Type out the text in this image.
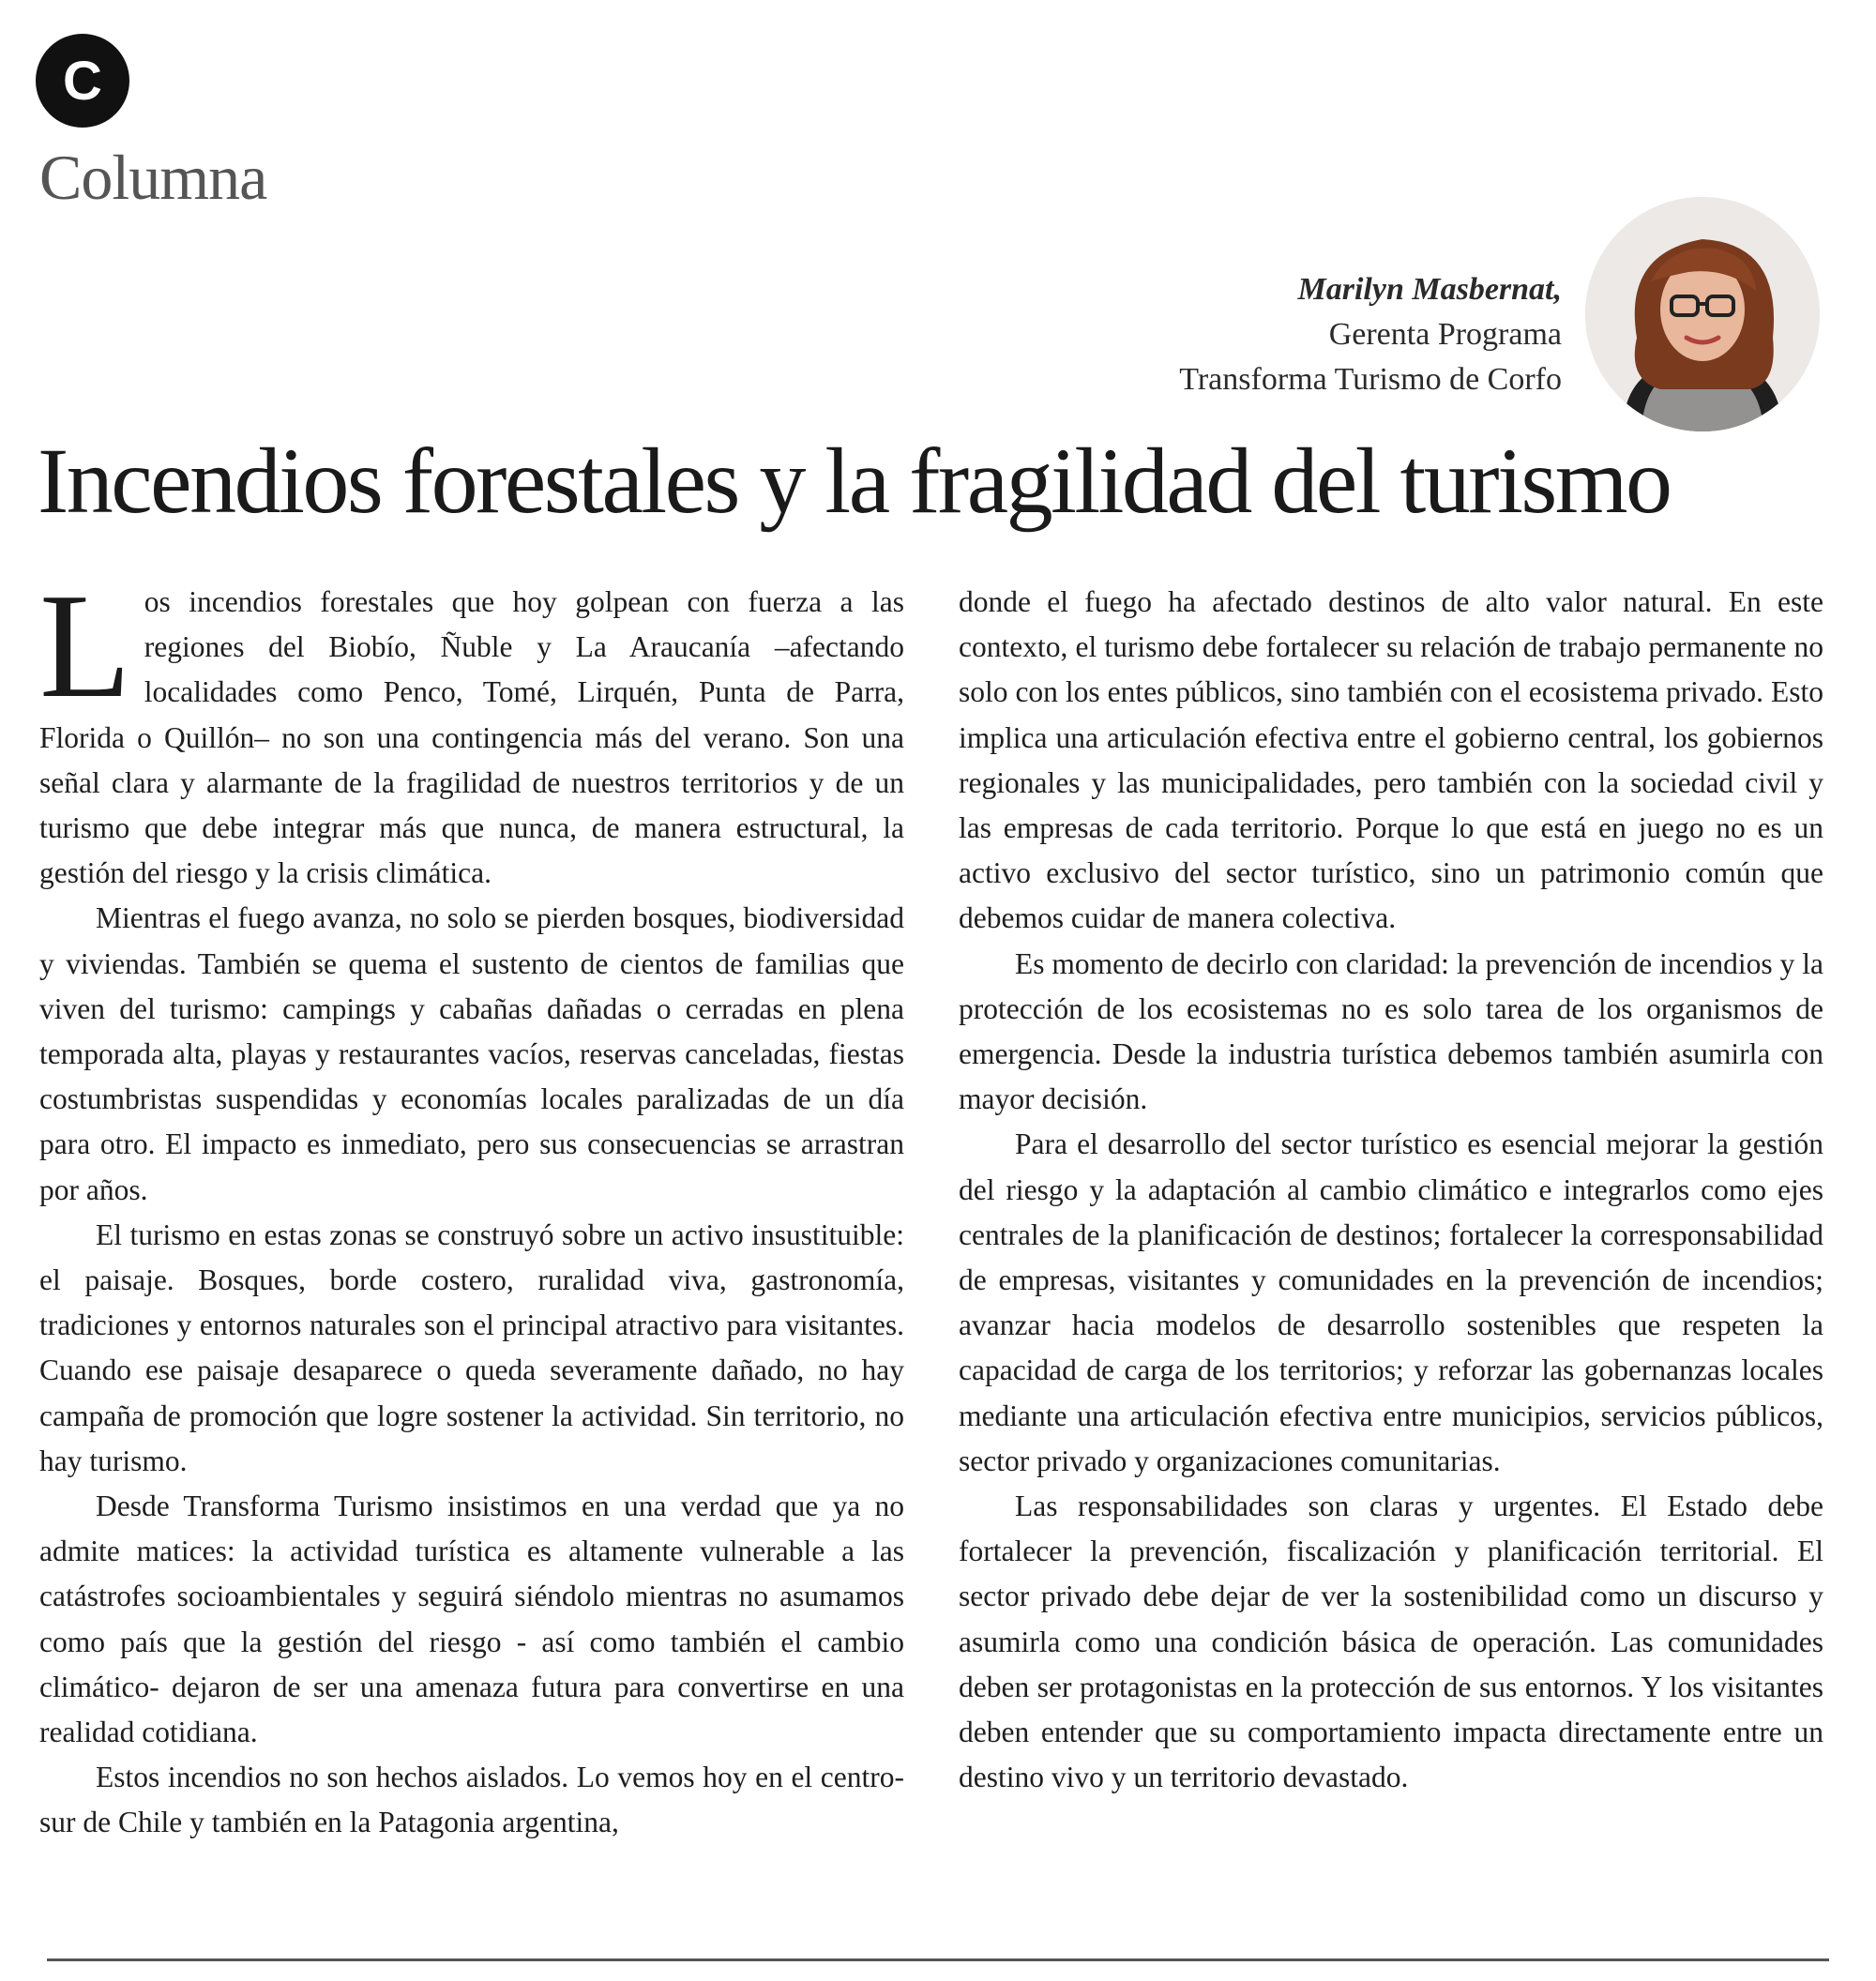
C
Columna
Marilyn Masbernat,
Gerenta Programa
Transforma Turismo de Corfo
Incendios forestales y la fragilidad del turismo

Los incendios forestales que hoy golpean con fuerza a las regiones del Biobío, Ñuble y La Araucanía –afectando localidades como Penco, Tomé, Lirquén, Punta de Parra, Florida o Quillón– no son una contingencia más del verano. Son una señal clara y alarmante de la fragilidad de nuestros territorios y de un turismo que debe integrar más que nunca, de manera estructural, la gestión del riesgo y la crisis climática.

Mientras el fuego avanza, no solo se pierden bosques, biodiversidad y viviendas. También se quema el sustento de cientos de familias que viven del turismo: campings y cabañas dañadas o cerradas en plena temporada alta, playas y restaurantes vacíos, reservas canceladas, fiestas costumbristas suspendidas y economías locales paralizadas de un día para otro. El impacto es inmediato, pero sus consecuencias se arrastran por años.

El turismo en estas zonas se construyó sobre un activo insustituible: el paisaje. Bosques, borde costero, ruralidad viva, gastronomía, tradiciones y entornos naturales son el principal atractivo para visitantes. Cuando ese paisaje desaparece o queda severamente dañado, no hay campaña de promoción que logre sostener la actividad. Sin territorio, no hay turismo.

Desde Transforma Turismo insistimos en una verdad que ya no admite matices: la actividad turística es altamente vulnerable a las catástrofes socioambientales y seguirá siéndolo mientras no asumamos como país que la gestión del riesgo - así como también el cambio climático- dejaron de ser una amenaza futura para convertirse en una realidad cotidiana.

Estos incendios no son hechos aislados. Lo vemos hoy en el centro-sur de Chile y también en la Patagonia argentina,

donde el fuego ha afectado destinos de alto valor natural. En este contexto, el turismo debe fortalecer su relación de trabajo permanente no solo con los entes públicos, sino también con el ecosistema privado. Esto implica una articulación efectiva entre el gobierno central, los gobiernos regionales y las municipalidades, pero también con la sociedad civil y las empresas de cada territorio. Porque lo que está en juego no es un activo exclusivo del sector turístico, sino un patrimonio común que debemos cuidar de manera colectiva.

Es momento de decirlo con claridad: la prevención de incendios y la protección de los ecosistemas no es solo tarea de los organismos de emergencia. Desde la industria turística debemos también asumirla con mayor decisión.

Para el desarrollo del sector turístico es esencial mejorar la gestión del riesgo y la adaptación al cambio climático e integrarlos como ejes centrales de la planificación de destinos; fortalecer la corresponsabilidad de empresas, visitantes y comunidades en la prevención de incendios; avanzar hacia modelos de desarrollo sostenibles que respeten la capacidad de carga de los territorios; y reforzar las gobernanzas locales mediante una articulación efectiva entre municipios, servicios públicos, sector privado y organizaciones comunitarias.

Las responsabilidades son claras y urgentes. El Estado debe fortalecer la prevención, fiscalización y planificación territorial. El sector privado debe dejar de ver la sostenibilidad como un discurso y asumirla como una condición básica de operación. Las comunidades deben ser protagonistas en la protección de sus entornos. Y los visitantes deben entender que su comportamiento impacta directamente entre un destino vivo y un territorio devastado.
